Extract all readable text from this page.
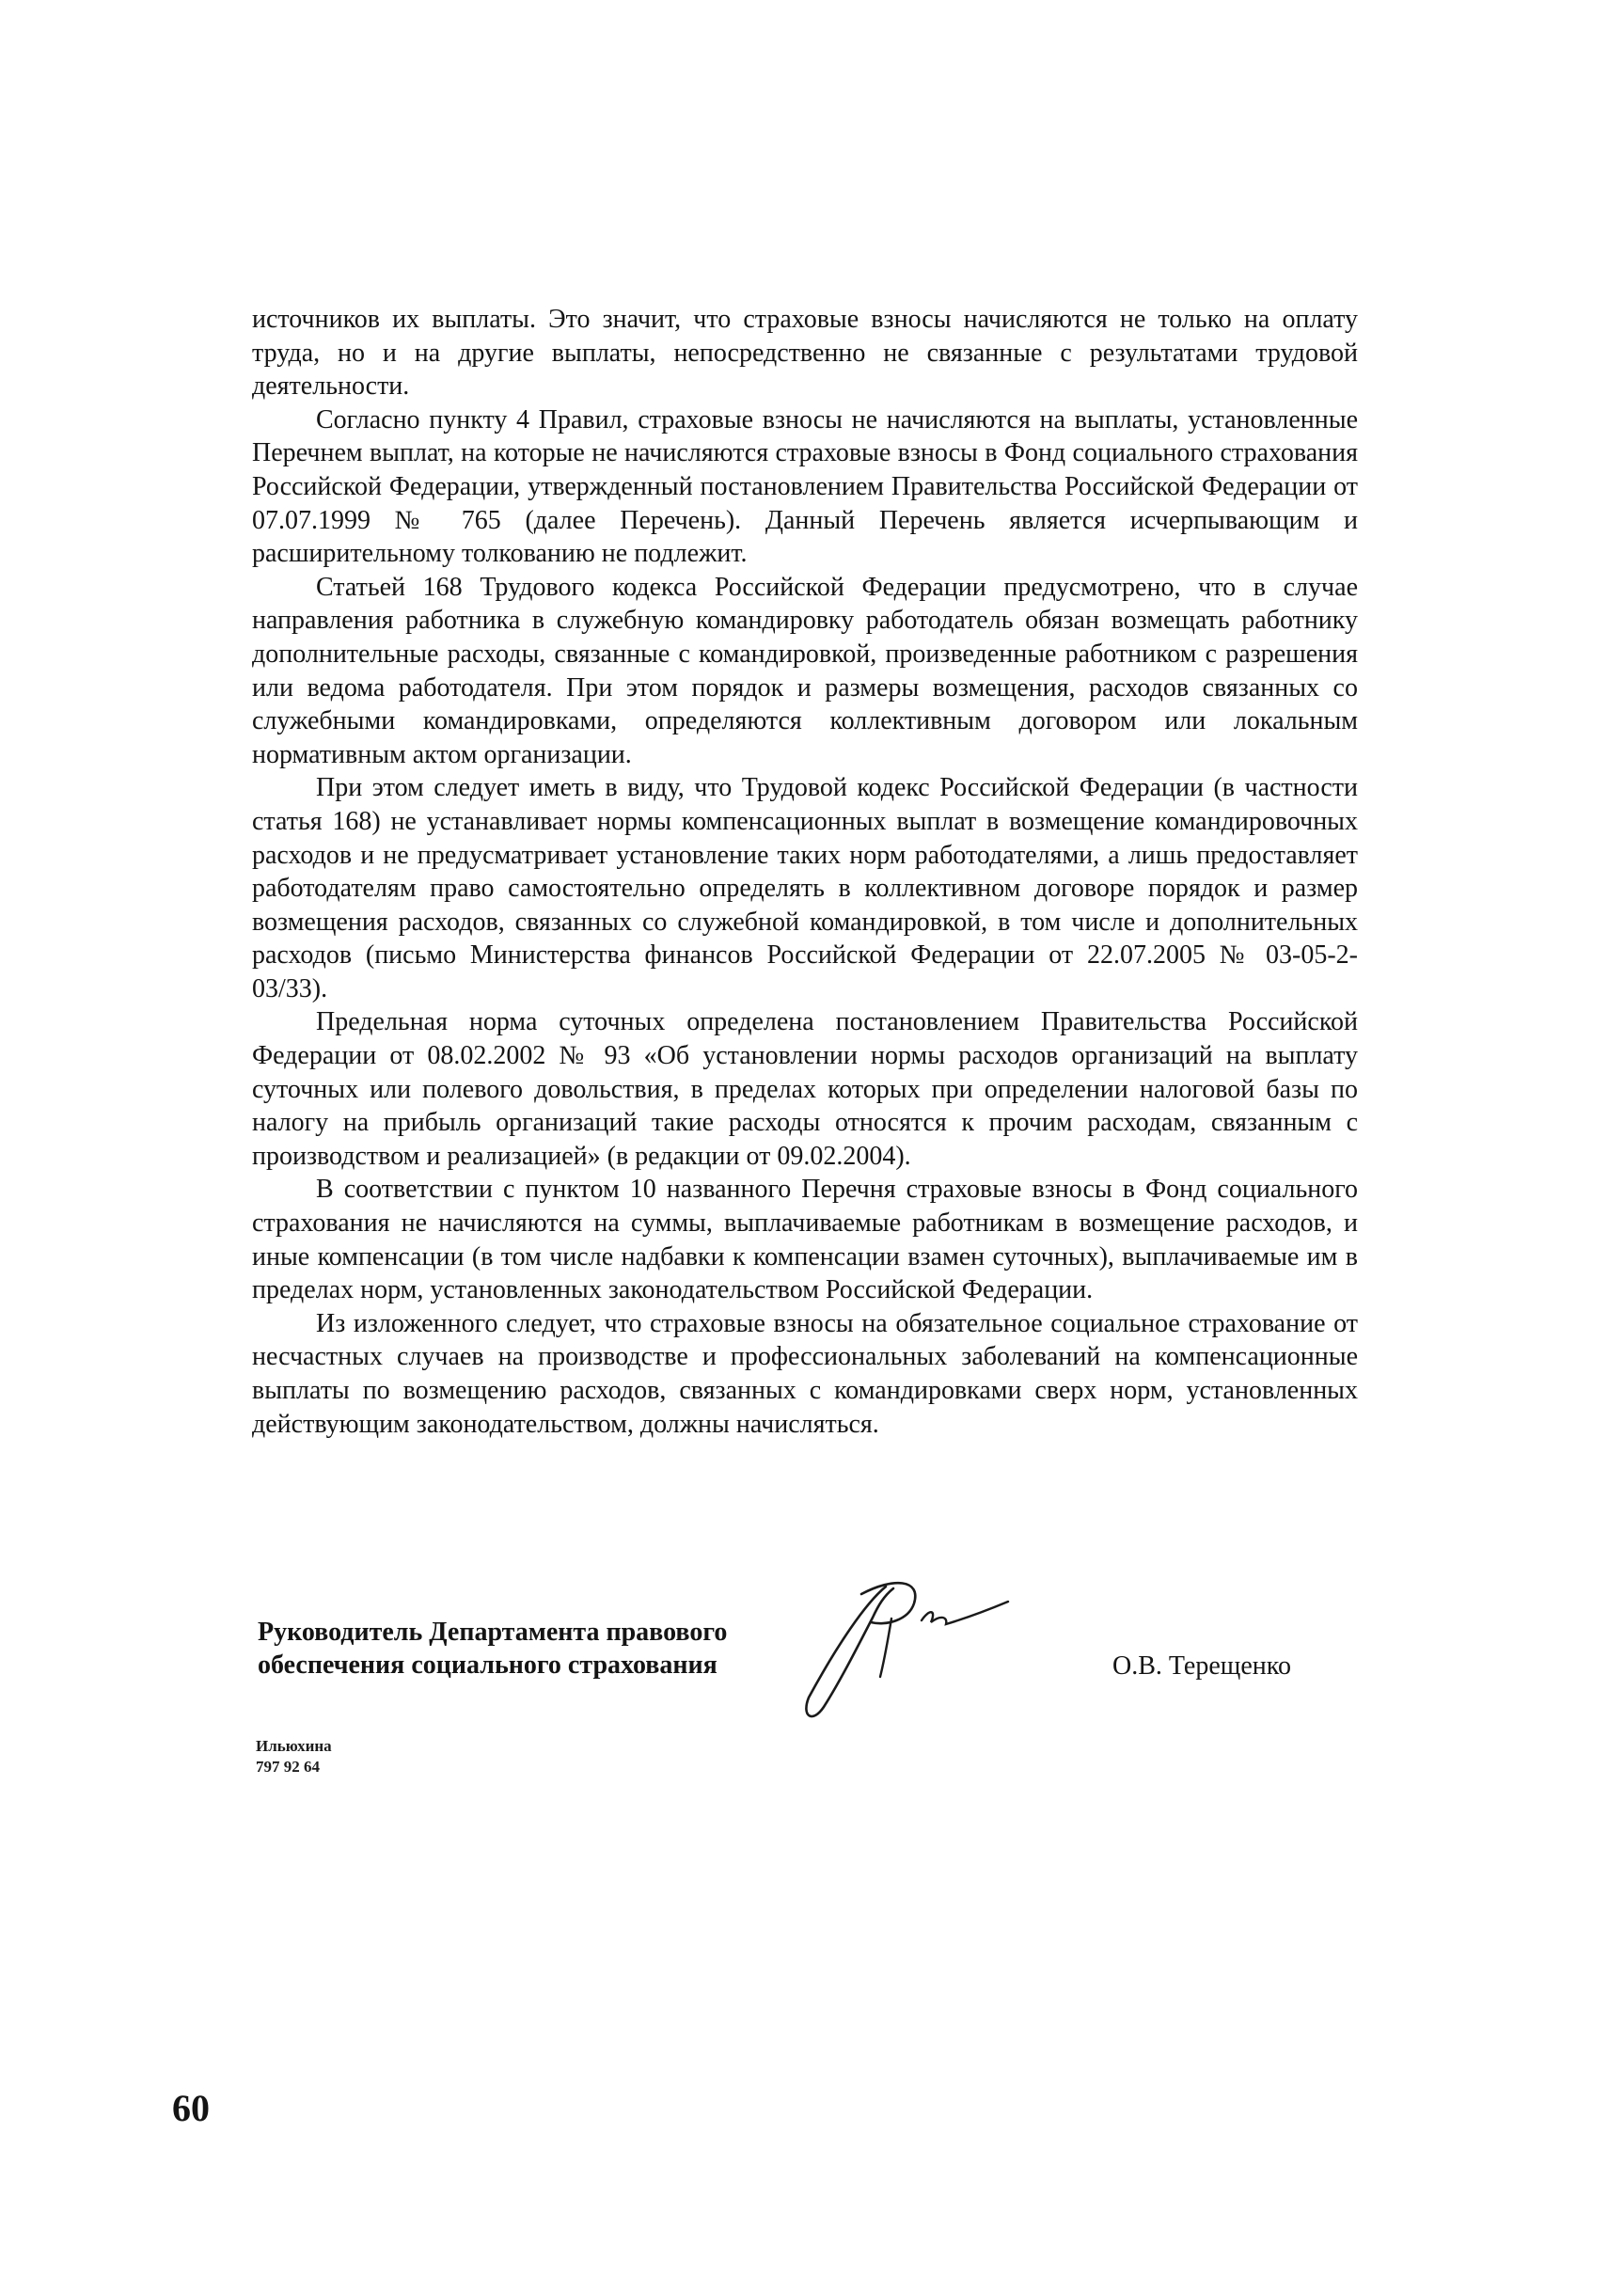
источников их выплаты. Это значит, что страховые взносы начисляются не только на оплату труда, но и на другие выплаты, непосредственно не связанные с результатами трудовой деятельности.

Согласно пункту 4 Правил, страховые взносы не начисляются на выплаты, установленные Перечнем выплат, на которые не начисляются страховые взносы в Фонд социального страхования Российской Федерации, утвержденный постановлением Правительства Российской Федерации от 07.07.1999 № 765 (далее Перечень). Данный Перечень является исчерпывающим и расширительному толкованию не подлежит.

Статьей 168 Трудового кодекса Российской Федерации предусмотрено, что в случае направления работника в служебную командировку работодатель обязан возмещать работнику дополнительные расходы, связанные с командировкой, произведенные работником с разрешения или ведома работодателя. При этом порядок и размеры возмещения, расходов связанных со служебными командировками, определяются коллективным договором или локальным нормативным актом организации.

При этом следует иметь в виду, что Трудовой кодекс Российской Федерации (в частности статья 168) не устанавливает нормы компенсационных выплат в возмещение командировочных расходов и не предусматривает установление таких норм работодателями, а лишь предоставляет работодателям право самостоятельно определять в коллективном договоре порядок и размер возмещения расходов, связанных со служебной командировкой, в том числе и дополнительных расходов (письмо Министерства финансов Российской Федерации от 22.07.2005 № 03-05-2-03/33).

Предельная норма суточных определена постановлением Правительства Российской Федерации от 08.02.2002 № 93 «Об установлении нормы расходов организаций на выплату суточных или полевого довольствия, в пределах которых при определении налоговой базы по налогу на прибыль организаций такие расходы относятся к прочим расходам, связанным с производством и реализацией» (в редакции от 09.02.2004).

В соответствии с пунктом 10 названного Перечня страховые взносы в Фонд социального страхования не начисляются на суммы, выплачиваемые работникам в возмещение расходов, и иные компенсации (в том числе надбавки к компенсации взамен суточных), выплачиваемые им в пределах норм, установленных законодательством Российской Федерации.

Из изложенного следует, что страховые взносы на обязательное социальное страхование от несчастных случаев на производстве и профессиональных заболеваний на компенсационные выплаты по возмещению расходов, связанных с командировками сверх норм, установленных действующим законодательством, должны начисляться.

Руководитель Департамента правового
обеспечения социального страхования	О.В. Терещенко
Ильюхина
797 92 64
60
